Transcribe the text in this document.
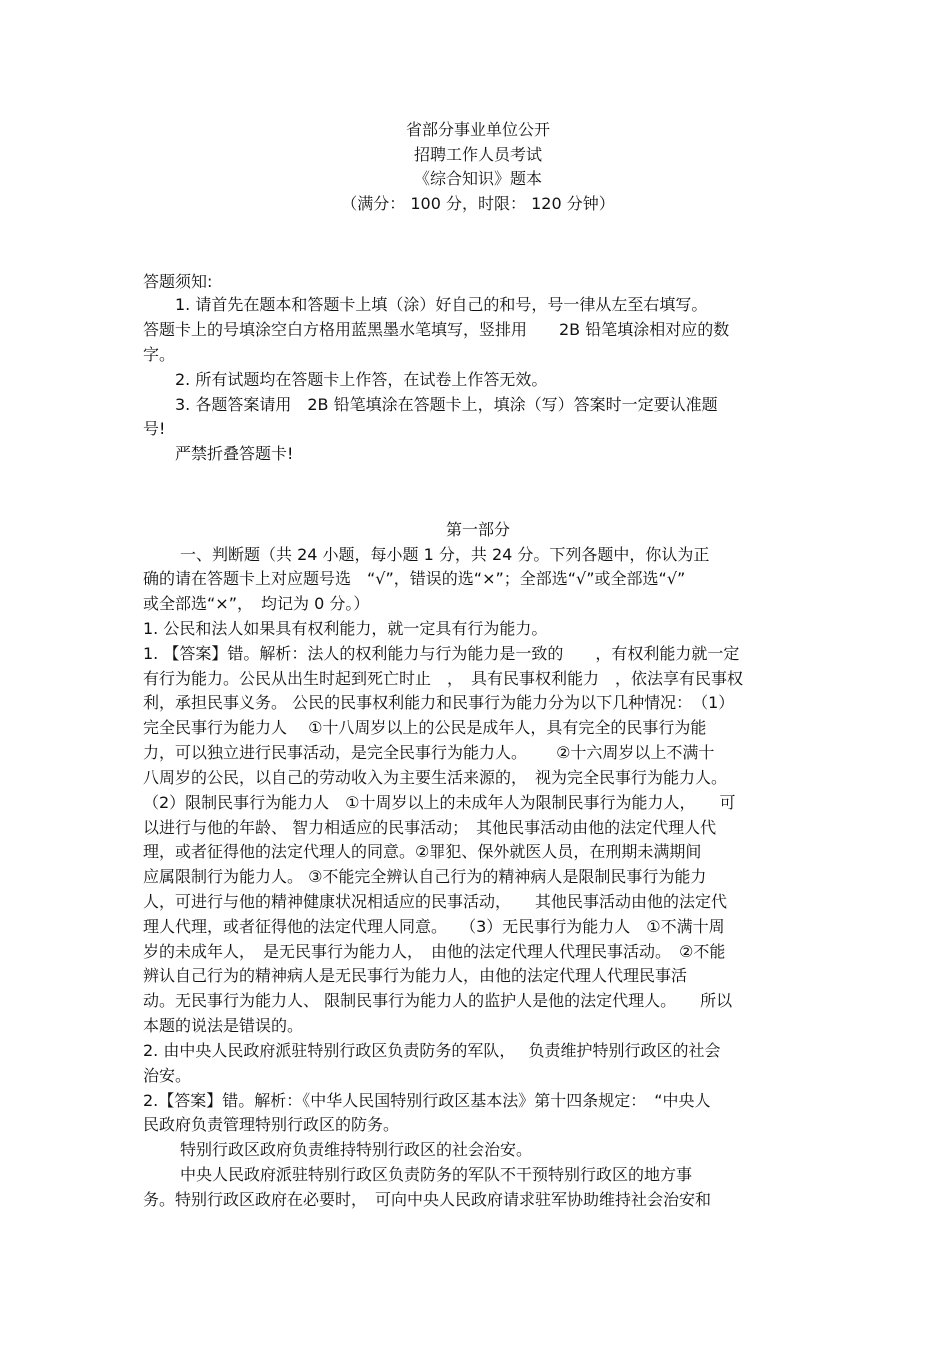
省部分事业单位公开
招聘工作人员考试
《综合知识》题本
（满分： 100 分，时限： 120 分钟）
答题须知:
1. 请首先在题本和答题卡上填（涂）好自己的和号，号一律从左至右填写。
答题卡上的号填涂空白方格用蓝黑墨水笔填写，竖排用　　2B 铅笔填涂相对应的数
字。
2. 所有试题均在答题卡上作答，在试卷上作答无效。
3. 各题答案请用　2B 铅笔填涂在答题卡上，填涂（写）答案时一定要认准题
号!
严禁折叠答题卡!
第一部分
一、判断题（共 24 小题，每小题 1 分，共 24 分。下列各题中，你认为正
确的请在答题卡上对应题号选　“√”，错误的选“×”；全部选“√”或全部选“√”
或全部选“×”，　均记为 0 分。）
1. 公民和法人如果具有权利能力，就一定具有行为能力。
1. 【答案】错。解析：法人的权利能力与行为能力是一致的　　，有权利能力就一定
有行为能力。公民从出生时起到死亡时止　，　具有民事权利能力　，依法享有民事权
利，承担民事义务。 公民的民事权利能力和民事行为能力分为以下几种情况：　（1）
完全民事行为能力人　 ①十八周岁以上的公民是成年人，具有完全的民事行为能
力，可以独立进行民事活动，是完全民事行为能力人。　　 ②十六周岁以上不满十
八周岁的公民，以自己的劳动收入为主要生活来源的，　视为完全民事行为能力人。
（2）限制民事行为能力人　①十周岁以上的未成年人为限制民事行为能力人，　　可
以进行与他的年龄、 智力相适应的民事活动；　其他民事活动由他的法定代理人代
理，或者征得他的法定代理人的同意。②罪犯、保外就医人员，在刑期未满期间
应属限制行为能力人。 ③不能完全辨认自己行为的精神病人是限制民事行为能力
人，可进行与他的精神健康状况相适应的民事活动，　　其他民事活动由他的法定代
理人代理，或者征得他的法定代理人同意。　 （3）无民事行为能力人　①不满十周
岁的未成年人，　是无民事行为能力人，　由他的法定代理人代理民事活动。　②不能
辨认自己行为的精神病人是无民事行为能力人，由他的法定代理人代理民事活
动。无民事行为能力人、 限制民事行为能力人的监护人是他的法定代理人。　　所以
本题的说法是错误的。
2. 由中央人民政府派驻特别行政区负责防务的军队，　 负责维护特别行政区的社会
治安。
2.【答案】错。解析：《中华人民国特别行政区基本法》第十四条规定：　“中央人
民政府负责管理特别行政区的防务。
特别行政区政府负责维持特别行政区的社会治安。
中央人民政府派驻特别行政区负责防务的军队不干预特别行政区的地方事
务。特别行政区政府在必要时，　可向中央人民政府请求驻军协助维持社会治安和
